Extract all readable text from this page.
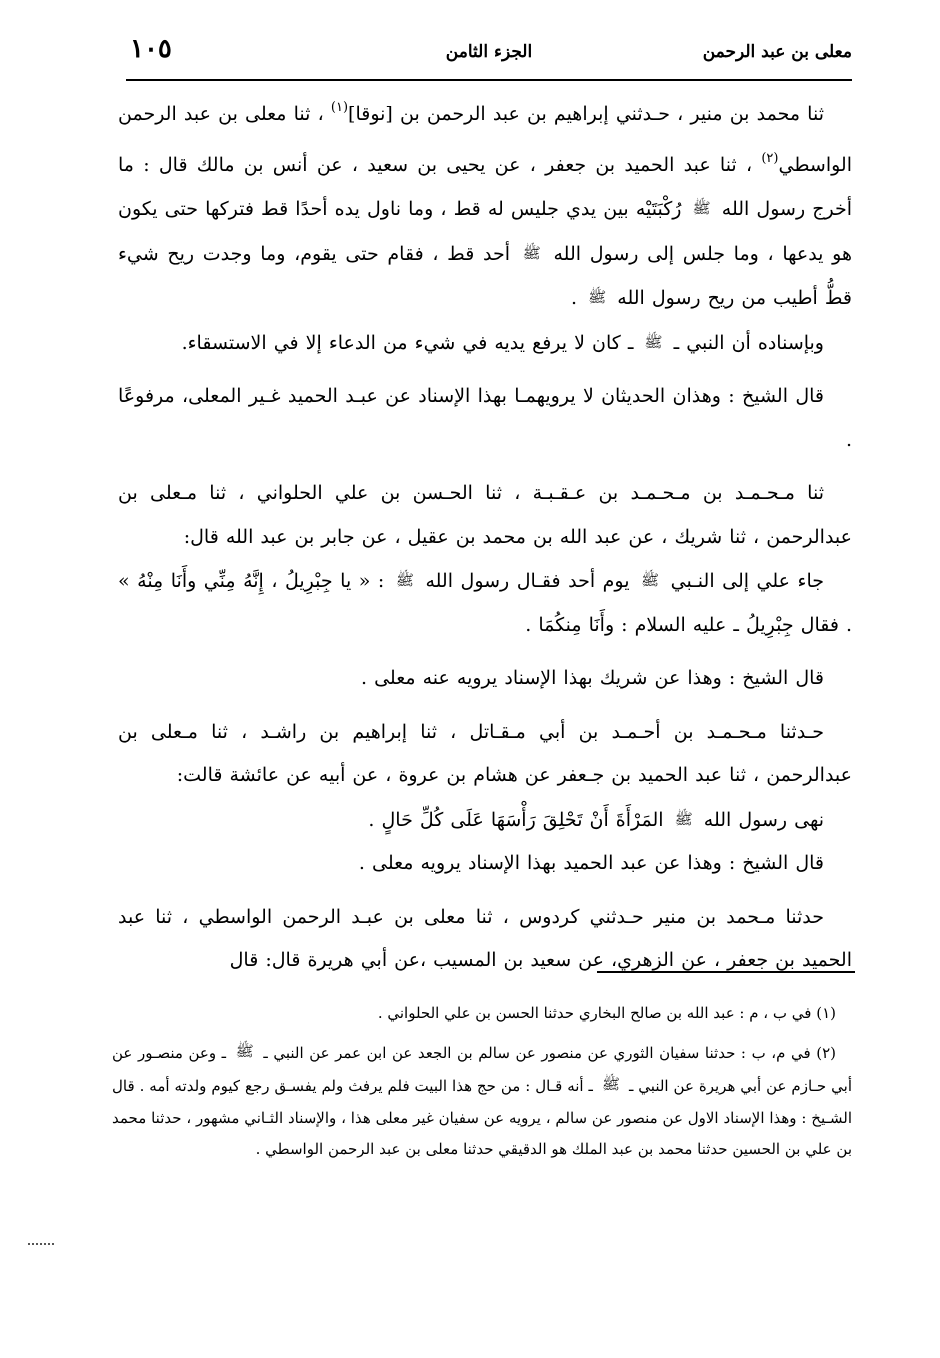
معلى بن عبد الرحمن
الجزء الثامن
١٠٥

ثنا محمد بن منير ، حـدثني إبراهيم بن عبد الرحمن بن [نوقا]$^{(١)}$ ، ثنا معلى بن عبد الرحمن الواسطي$^{(٢)}$ ، ثنا عبد الحميد بن جعفر ، عن يحيى بن سعيد ، عن أنس بن مالك قال : ما أخرج رسول الله ﷺ رُكْبَتَيْه بين يدي جليس له قط ، وما ناول يده أحدًا قط فتركها حتى يكون هو يدعها ، وما جلس إلى رسول الله ﷺ أحد قط ، فقام حتى يقوم، وما وجدت ريح شيء قطُّ أطيب من ريح رسول الله ﷺ .

وبإسناده أن النبي ـ ﷺ ـ كان لا يرفع يديه في شيء من الدعاء إلا في الاستسقاء.

قال الشيخ : وهذان الحديثان لا يرويهمـا بهذا الإسناد عن عبـد الحميد غـير المعلى، مرفوعًا .

ثنا مـحـمـد بن مـحـمـد بن عـقـبـة ، ثنا الحـسن بن علي الحلواني ، ثنا مـعلى بن عبدالرحمن ، ثنا شريك ، عن عبد الله بن محمد بن عقيل ، عن جابر بن عبد الله قال:

جاء علي إلى النـبي ﷺ يوم أحد فقـال رسول الله ﷺ : « يا جِبْرِيلُ ، إِنَّهُ مِنِّي وأَنَا مِنْهُ » . فقال جِبْرِيلُ ـ عليه السلام : وأَنَا مِنكُمَا .

قال الشيخ : وهذا عن شريك بهذا الإسناد يرويه عنه معلى .

حـدثنا مـحـمـد بن أحـمـد بن أبي مـقـاتل ، ثنا إبراهيم بن راشـد ، ثنا مـعلى بن عبدالرحمن ، ثنا عبد الحميد بن جـعفر عن هشام بن عروة ، عن أبيه عن عائشة قالت:

نهى رسول الله ﷺ المَرْأَةَ أَنْ تَحْلِقَ رَأْسَهَا عَلَى كُلِّ حَالٍ .

قال الشيخ : وهذا عن عبد الحميد بهذا الإسناد يرويه معلى .

حدثنا مـحمد بن منير حـدثني كردوس ، ثنا معلى بن عبـد الرحمن الواسطي ، ثنا عبد الحميد بن جعفر ، عن الزهري، عن سعيد بن المسيب ،عن أبي هريرة قال: قال

(١) في ب ، م : عبد الله بن صالح البخاري حدثنا الحسن بن علي الحلواني .

(٢) في م، ب : حدثنا سفيان الثوري عن منصور عن سالم بن الجعد عن ابن عمر عن النبي ـ ﷺ ـ وعن منصـور عن أبي حـازم عن أبي هريرة عن النبي ـ ﷺ ـ أنه قـال : من حج هذا البيت فلم يرفث ولم يفسـق رجع كيوم ولدته أمه . قال الشـيخ : وهذا الإسناد الاول عن منصور عن سالم ، يرويه عن سفيان غير معلى هذا ، والإسناد الثـاني مشهور ، حدثنا محمد بن علي بن الحسين حدثنا محمد بن عبد الملك هو الدقيقي حدثنا معلى بن عبد الرحمن الواسطي .
